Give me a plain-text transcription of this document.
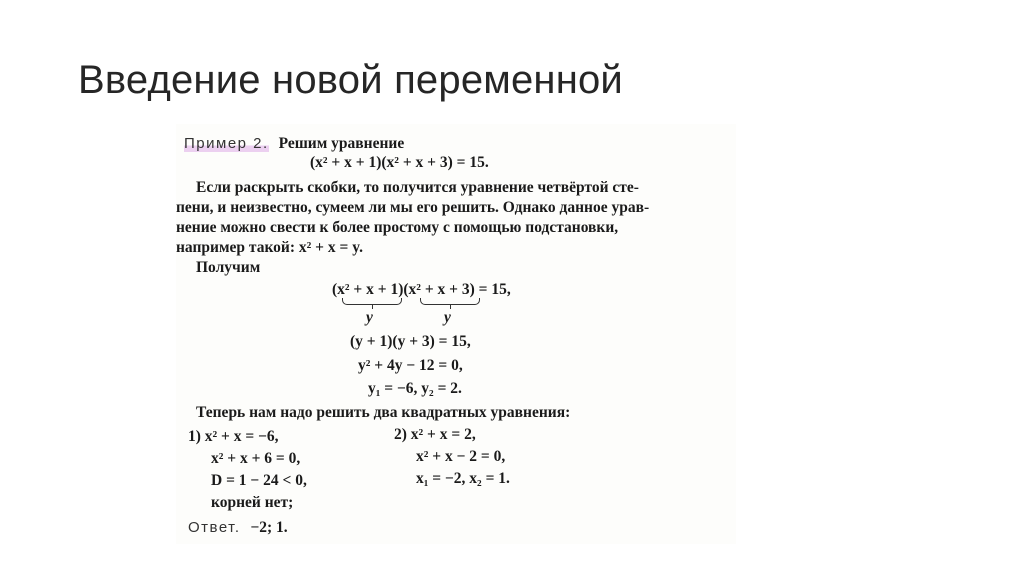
Введение новой переменной
Пример 2. Решим уравнение
(x² + x + 1)(x² + x + 3) = 15.
Если раскрыть скобки, то получится уравнение четвёртой сте-
пени, и неизвестно, сумеем ли мы его решить. Однако данное урав-
нение можно свести к более простому с помощью подстановки,
например такой: x² + x = y.
Получим
(x² + x + 1)(x² + x + 3) = 15,
y	y
(y + 1)(y + 3) = 15,
y² + 4y − 12 = 0,
y₁ = −6, y₂ = 2.
Теперь нам надо решить два квадратных уравнения:
1) x² + x = −6,
x² + x + 6 = 0,
D = 1 − 24 < 0,
корней нет;
2) x² + x = 2,
x² + x − 2 = 0,
x₁ = −2, x₂ = 1.
Ответ. −2; 1.
